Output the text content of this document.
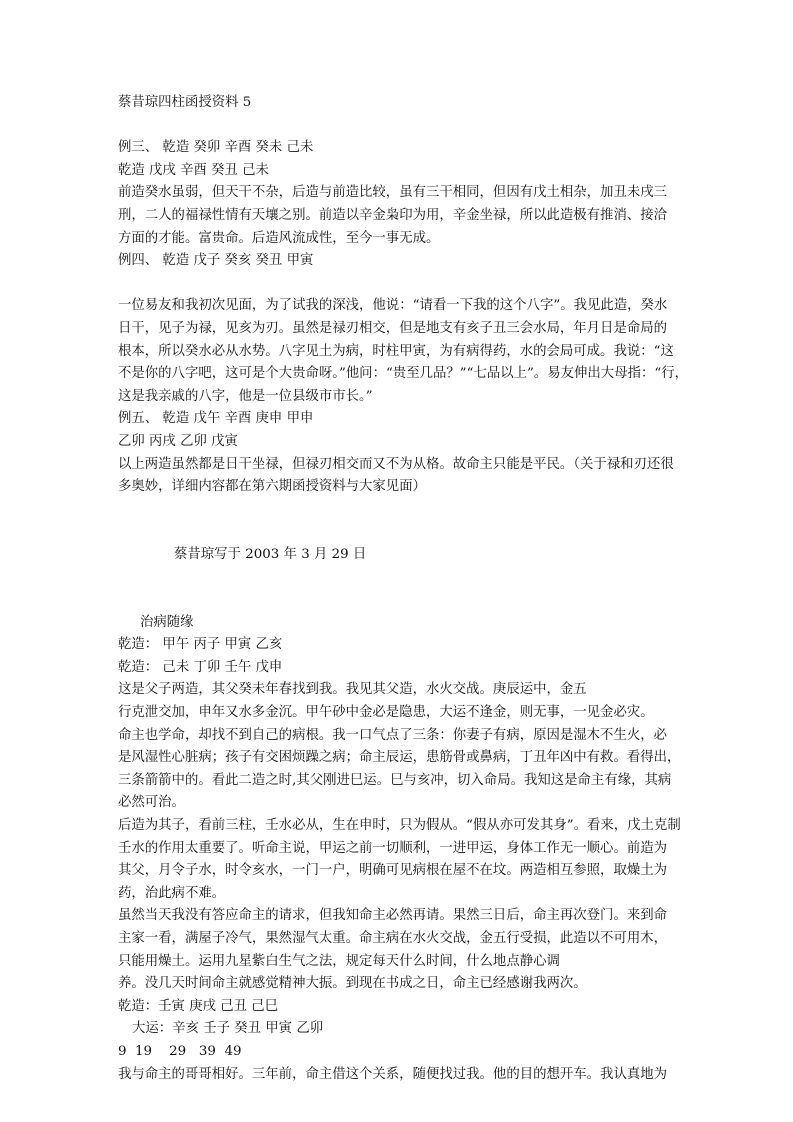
蔡昔琼四柱函授资料 5
例三、 乾造 癸卯 辛酉 癸未 己未
乾造 戊戌 辛酉 癸丑 己未
前造癸水虽弱，但天干不杂，后造与前造比较，虽有三干相同，但因有戊土相杂，加丑未戌三
刑，二人的福禄性情有天壤之别。前造以辛金枭印为用，辛金坐禄，所以此造极有推消、接洽
方面的才能。富贵命。后造风流成性，至今一事无成。
例四、 乾造 戊子 癸亥 癸丑 甲寅
一位易友和我初次见面，为了试我的深浅，他说：“请看一下我的这个八字”。我见此造，癸水
日干，见子为禄，见亥为刃。虽然是禄刃相交，但是地支有亥子丑三会水局，年月日是命局的
根本，所以癸水必从水势。八字见土为病，时柱甲寅，为有病得药，水的会局可成。我说：“这
不是你的八字吧，这可是个大贵命呀。”他问：“贵至几品？”“七品以上”。易友伸出大母指：“行，
这是我亲戚的八字，他是一位县级市市长。”
例五、 乾造 戊午 辛酉 庚申 甲申
乙卯 丙戌 乙卯 戊寅
以上两造虽然都是日干坐禄，但禄刃相交而又不为从格。故命主只能是平民。（关于禄和刃还很
多奥妙，详细内容都在第六期函授资料与大家见面）
蔡昔琼写于 2003 年 3 月 29 日
治病随缘
乾造： 甲午 丙子 甲寅 乙亥
乾造： 己未 丁卯 壬午 戊申
这是父子两造，其父癸未年春找到我。我见其父造，水火交战。庚辰运中，金五
行克泄交加，申年又水多金沉。甲午砂中金必是隐患，大运不逢金，则无事，一见金必灾。
命主也学命，却找不到自己的病根。我一口气点了三条：你妻子有病，原因是湿木不生火，必
是风湿性心脏病；孩子有交困烦躁之病；命主辰运，患筋骨或鼻病，丁丑年凶中有救。看得出，
三条箭箭中的。看此二造之时,其父刚进巳运。巳与亥冲，切入命局。我知这是命主有缘，其病
必然可治。
后造为其子，看前三柱，壬水必从，生在申时，只为假从。“假从亦可发其身”。看来，戊土克制
壬水的作用太重要了。听命主说，甲运之前一切顺利，一进甲运，身体工作无一顺心。前造为
其父，月令子水，时令亥水，一门一户，明确可见病根在屋不在坟。两造相互参照，取燥土为
药，治此病不难。
虽然当天我没有答应命主的请求，但我知命主必然再请。果然三日后，命主再次登门。来到命
主家一看，满屋子冷气，果然湿气太重。命主病在水火交战，金五行受损，此造以不可用木，
只能用燥土。运用九星紫白生气之法，规定每天什么时间，什么地点静心调
养。没几天时间命主就感觉精神大振。到现在书成之日，命主已经感谢我两次。
乾造：壬寅 庚戌 己丑 己巳
大运：辛亥 壬子 癸丑 甲寅 乙卯
9  19    29   39  49
我与命主的哥哥相好。三年前，命主借这个关系，随便找过我。他的目的想开车。我认真地为
